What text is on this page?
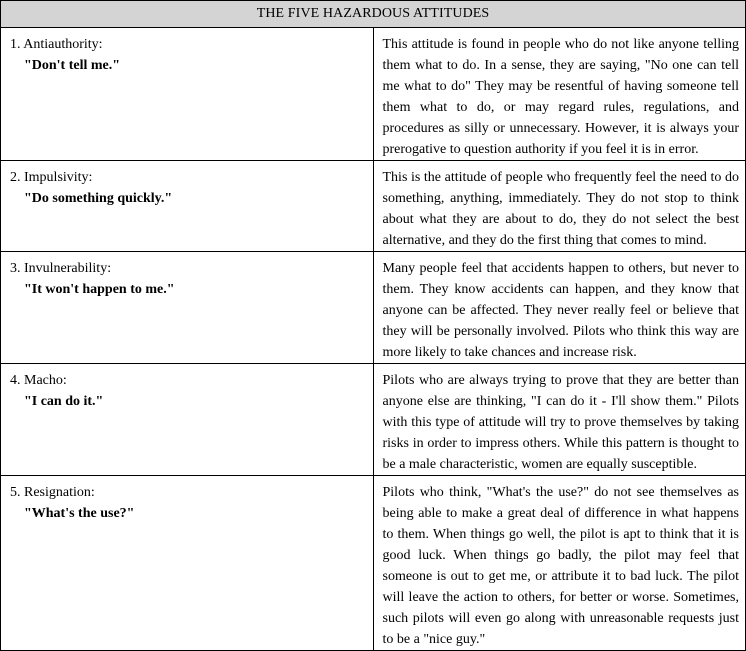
THE FIVE HAZARDOUS ATTITUDES	

1. Antiauthority:
"Don't tell me."	This attitude is found in people who do not like anyone telling them what to do. In a sense, they are saying, "No one can tell me what to do" They may be resentful of having someone tell them what to do, or may regard rules, regulations, and procedures as silly or unnecessary. However, it is always your prerogative to question authority if you feel it is in error.

2. Impulsivity:
"Do something quickly."	This is the attitude of people who frequently feel the need to do something, anything, immediately. They do not stop to think about what they are about to do, they do not select the best alternative, and they do the first thing that comes to mind.

3. Invulnerability:
"It won't happen to me."	Many people feel that accidents happen to others, but never to them. They know accidents can happen, and they know that anyone can be affected. They never really feel or believe that they will be personally involved. Pilots who think this way are more likely to take chances and increase risk.

4. Macho:
"I can do it."	Pilots who are always trying to prove that they are better than anyone else are thinking, "I can do it - I'll show them." Pilots with this type of attitude will try to prove themselves by taking risks in order to impress others. While this pattern is thought to be a male characteristic, women are equally susceptible.

5. Resignation:
"What's the use?"	Pilots who think, "What's the use?" do not see themselves as being able to make a great deal of difference in what happens to them. When things go well, the pilot is apt to think that it is good luck. When things go badly, the pilot may feel that someone is out to get me, or attribute it to bad luck. The pilot will leave the action to others, for better or worse. Sometimes, such pilots will even go along with unreasonable requests just to be a "nice guy."
